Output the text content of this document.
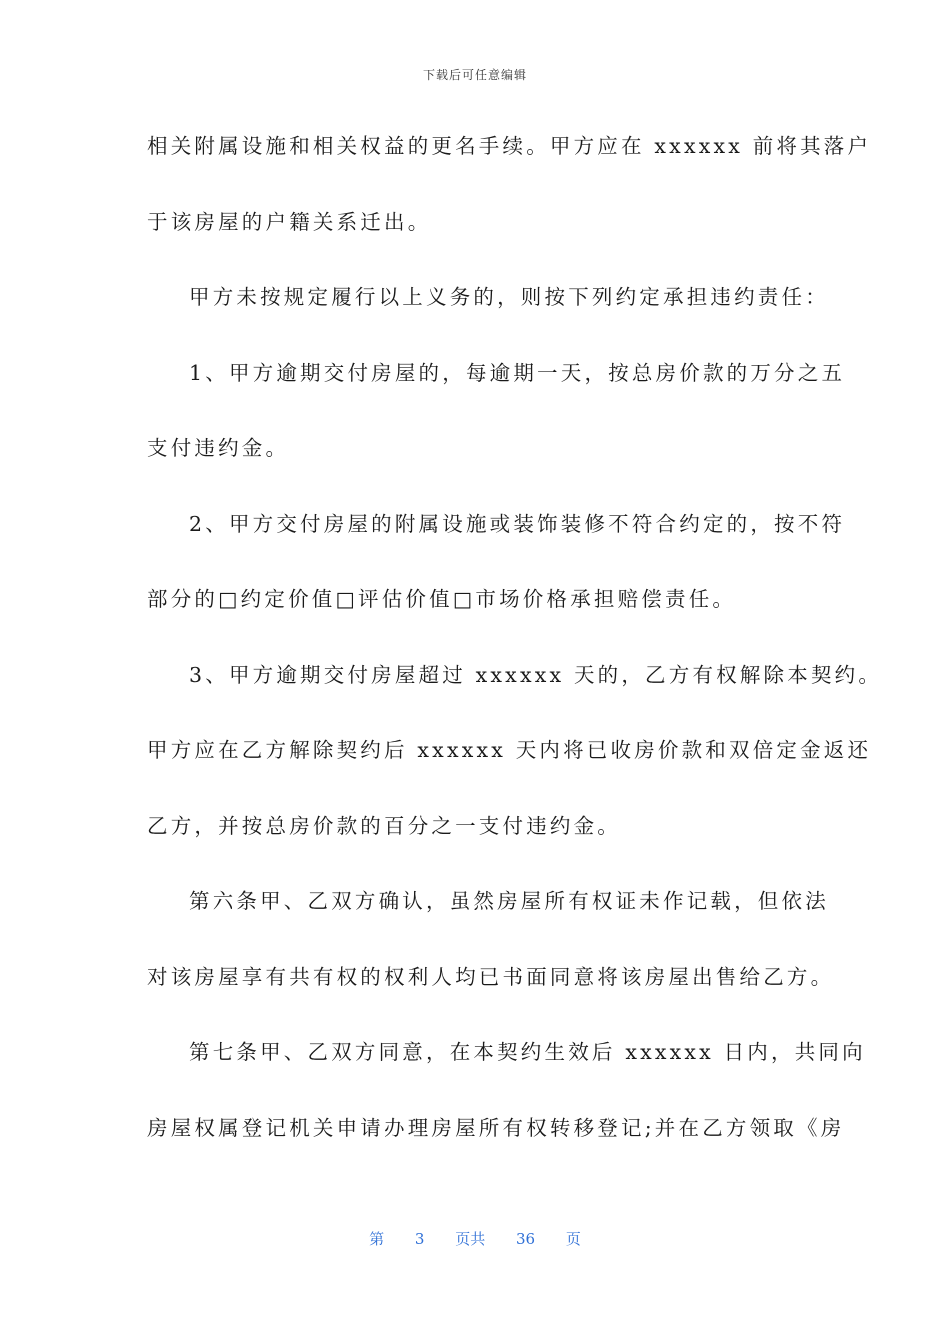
下载后可任意编辑
相关附属设施和相关权益的更名手续。甲方应在 xxxxxx 前将其落户
于该房屋的户籍关系迁出。
甲方未按规定履行以上义务的，则按下列约定承担违约责任：
1、甲方逾期交付房屋的，每逾期一天，按总房价款的万分之五
支付违约金。
2、甲方交付房屋的附属设施或装饰装修不符合约定的，按不符
部分的□约定价值□评估价值□市场价格承担赔偿责任。
3、甲方逾期交付房屋超过 xxxxxx 天的，乙方有权解除本契约。
甲方应在乙方解除契约后 xxxxxx 天内将已收房价款和双倍定金返还
乙方，并按总房价款的百分之一支付违约金。
第六条甲、乙双方确认，虽然房屋所有权证未作记载，但依法
对该房屋享有共有权的权利人均已书面同意将该房屋出售给乙方。
第七条甲、乙双方同意，在本契约生效后 xxxxxx 日内，共同向
房屋权属登记机关申请办理房屋所有权转移登记;并在乙方领取《房
第 3 页共 36 页
